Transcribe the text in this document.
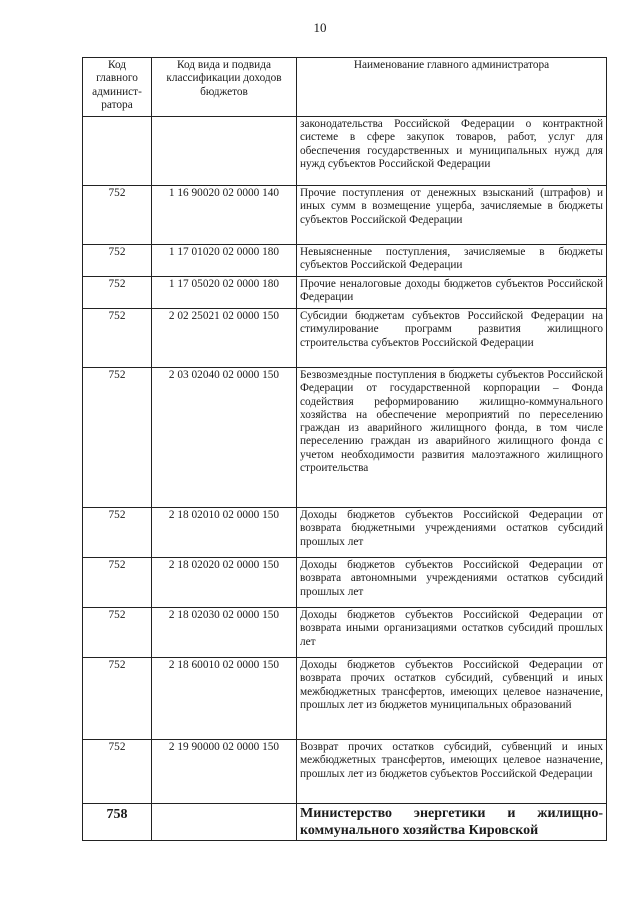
10
Код главного админист-ратора	Код вида и подвида классификации доходов бюджетов	Наименование главного администратора
		законодательства Российской Федерации о контрактной системе в сфере закупок товаров, работ, услуг для обеспечения государственных и муниципальных нужд для нужд субъектов Российской Федерации
752	1 16 90020 02 0000 140	Прочие поступления от денежных взысканий (штрафов) и иных сумм в возмещение ущерба, зачисляемые в бюджеты субъектов Российской Федерации
752	1 17 01020 02 0000 180	Невыясненные поступления, зачисляемые в бюджеты субъектов Российской Федерации
752	1 17 05020 02 0000 180	Прочие неналоговые доходы бюджетов субъектов Российской Федерации
752	2 02 25021 02 0000 150	Субсидии бюджетам субъектов Российской Федерации на стимулирование программ развития жилищного строительства субъектов Российской Федерации
752	2 03 02040 02 0000 150	Безвозмездные поступления в бюджеты субъектов Российской Федерации от государственной корпорации – Фонда содействия реформированию жилищно-коммунального хозяйства на обеспечение мероприятий по переселению граждан из аварийного жилищного фонда, в том числе переселению граждан из аварийного жилищного фонда с учетом необходимости развития малоэтажного жилищного строительства
752	2 18 02010 02 0000 150	Доходы бюджетов субъектов Российской Федерации от возврата бюджетными учреждениями остатков субсидий прошлых лет
752	2 18 02020 02 0000 150	Доходы бюджетов субъектов Российской Федерации от возврата автономными учреждениями остатков субсидий прошлых лет
752	2 18 02030 02 0000 150	Доходы бюджетов субъектов Российской Федерации от возврата иными организациями остатков субсидий прошлых лет
752	2 18 60010 02 0000 150	Доходы бюджетов субъектов Российской Федерации от возврата прочих остатков субсидий, субвенций и иных межбюджетных трансфертов, имеющих целевое назначение, прошлых лет из бюджетов муниципальных образований
752	2 19 90000 02 0000 150	Возврат прочих остатков субсидий, субвенций и иных межбюджетных трансфертов, имеющих целевое назначение, прошлых лет из бюджетов субъектов Российской Федерации
758		Министерство энергетики и жилищно-коммунального хозяйства Кировской
